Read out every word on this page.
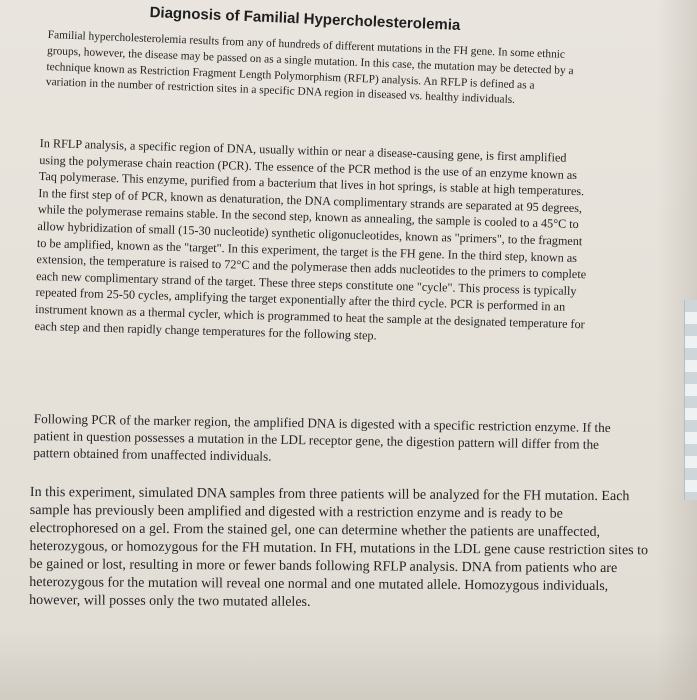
Diagnosis of Familial Hypercholesterolemia

Familial hypercholesterolemia results from any of hundreds of different mutations in the FH gene. In some ethnic groups, however, the disease may be passed on as a single mutation. In this case, the mutation may be detected by a technique known as Restriction Fragment Length Polymorphism (RFLP) analysis. An RFLP is defined as a variation in the number of restriction sites in a specific DNA region in diseased vs. healthy individuals.

In RFLP analysis, a specific region of DNA, usually within or near a disease-causing gene, is first amplified using the polymerase chain reaction (PCR). The essence of the PCR method is the use of an enzyme known as Taq polymerase. This enzyme, purified from a bacterium that lives in hot springs, is stable at high temperatures. In the first step of of PCR, known as denaturation, the DNA complimentary strands are separated at 95 degrees, while the polymerase remains stable. In the second step, known as annealing, the sample is cooled to a 45°C to allow hybridization of small (15-30 nucleotide) synthetic oligonucleotides, known as "primers", to the fragment to be amplified, known as the "target". In this experiment, the target is the FH gene. In the third step, known as extension, the temperature is raised to 72°C and the polymerase then adds nucleotides to the primers to complete each new complimentary strand of the target. These three steps constitute one "cycle". This process is typically repeated from 25-50 cycles, amplifying the target exponentially after the third cycle. PCR is performed in an instrument known as a thermal cycler, which is programmed to heat the sample at the designated temperature for each step and then rapidly change temperatures for the following step.

Following PCR of the marker region, the amplified DNA is digested with a specific restriction enzyme. If the patient in question possesses a mutation in the LDL receptor gene, the digestion pattern will differ from the pattern obtained from unaffected individuals.

In this experiment, simulated DNA samples from three patients will be analyzed for the FH mutation. Each sample has previously been amplified and digested with a restriction enzyme and is ready to be electrophoresed on a gel. From the stained gel, one can determine whether the patients are unaffected, heterozygous, or homozygous for the FH mutation. In FH, mutations in the LDL gene cause restriction sites to be gained or lost, resulting in more or fewer bands following RFLP analysis. DNA from patients who are heterozygous for the mutation will reveal one normal and one mutated allele. Homozygous individuals, however, will posses only the two mutated alleles.
